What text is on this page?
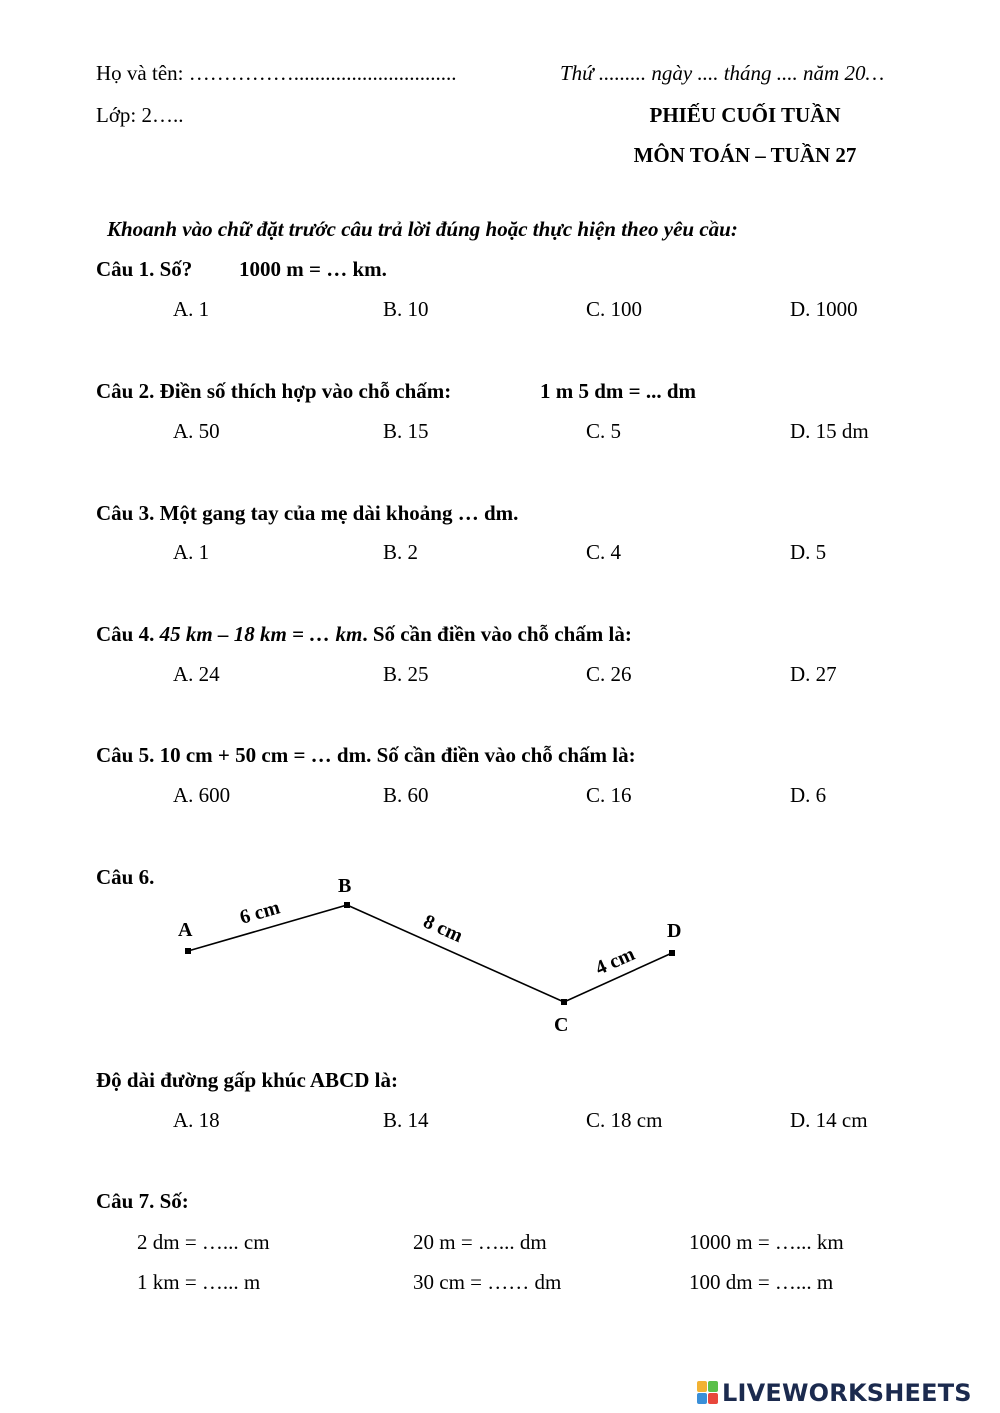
Họ và tên: ……………...............................	Thứ ......... ngày .... tháng .... năm 20…
Lớp: 2…..	PHIẾU CUỐI TUẦN
MÔN TOÁN – TUẦN 27
Khoanh vào chữ đặt trước câu trả lời đúng hoặc thực hiện theo yêu cầu:
Câu 1. Số? 1000 m = … km.
A. 1	B. 10	C. 100	D. 1000
Câu 2. Điền số thích hợp vào chỗ chấm:	1 m 5 dm = ... dm
A. 50	B. 15	C. 5	D. 15 dm
Câu 3. Một gang tay của mẹ dài khoảng … dm.
A. 1	B. 2	C. 4	D. 5
Câu 4. 45 km – 18 km = … km. Số cần điền vào chỗ chấm là:
A. 24	B. 25	C. 26	D. 27
Câu 5. 10 cm + 50 cm = … dm. Số cần điền vào chỗ chấm là:
A. 600	B. 60	C. 16	D. 6
Câu 6.
A
B
C
D
6 cm	8 cm
4 cm
Độ dài đường gấp khúc ABCD là:
A. 18	B. 14	C. 18 cm	D. 14 cm
Câu 7. Số:
2 dm = …... cm	20 m = …... dm	1000 m = …... km
1 km = …... m	30 cm = …… dm	100 dm = …... m
LIVEWORKSHEETS
